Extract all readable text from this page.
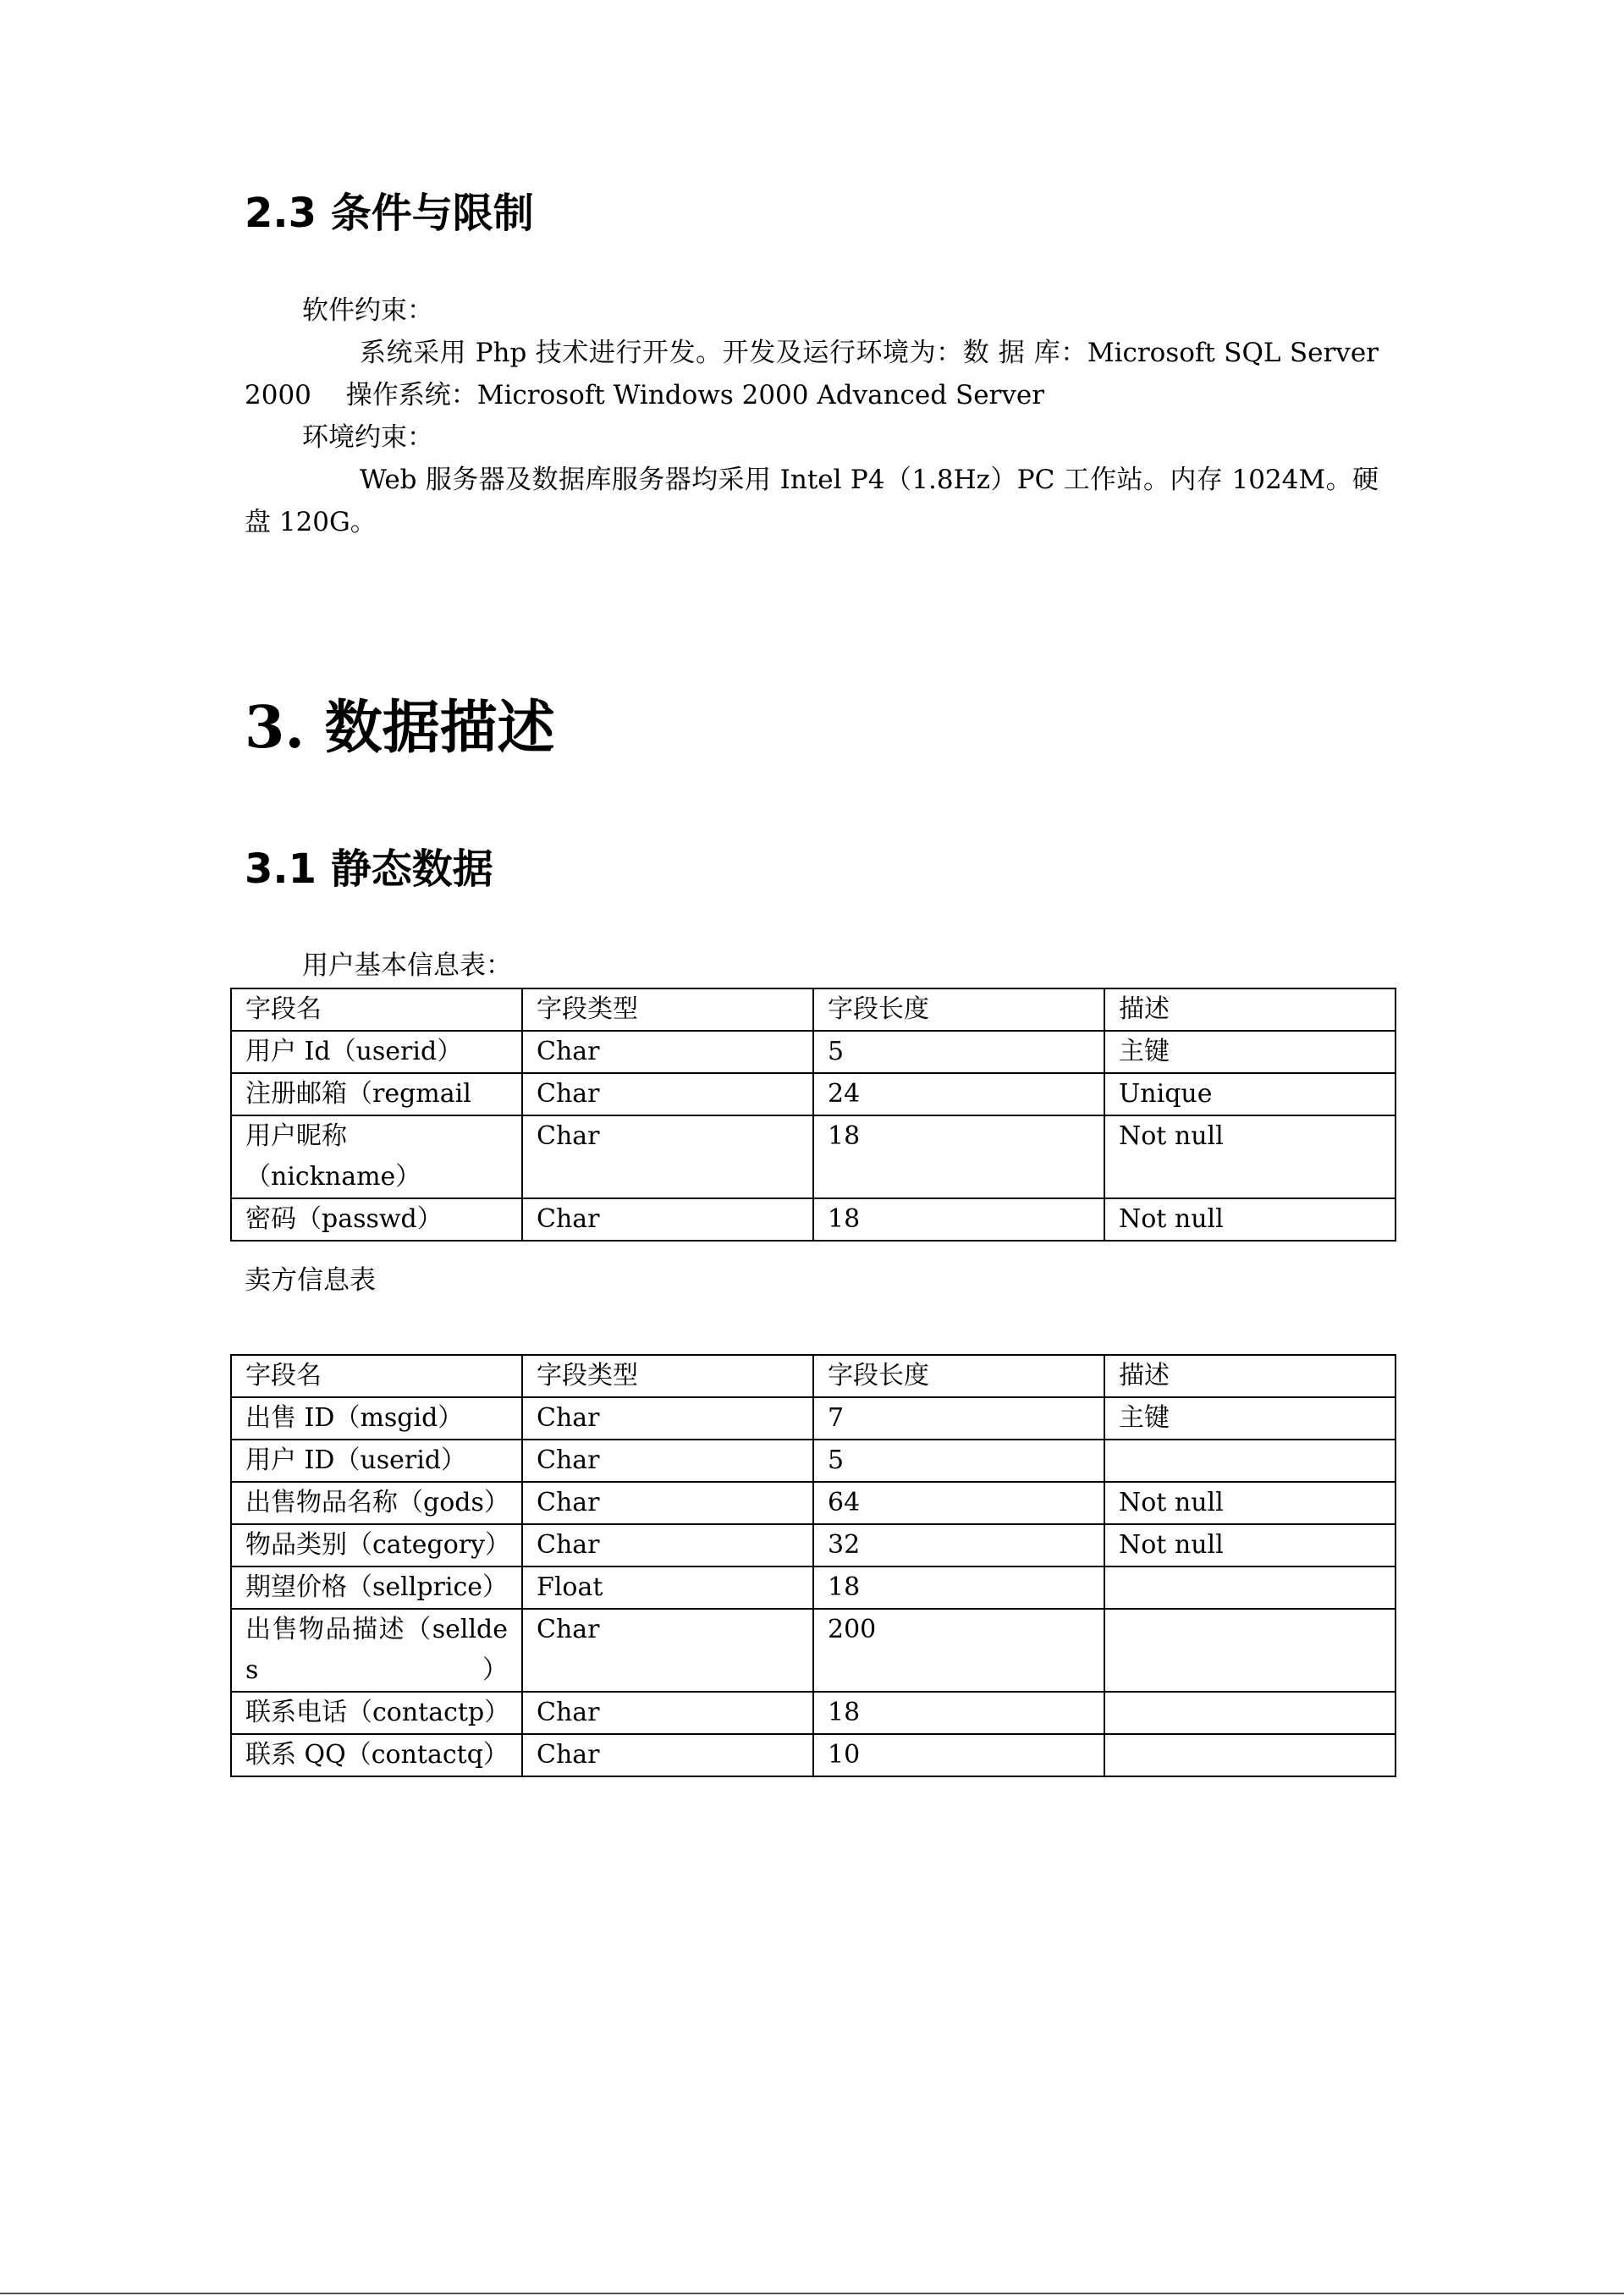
2.3 条件与限制

软件约束：

系统采用 Php 技术进行开发。开发及运行环境为：数 据 库：Microsoft SQL Server 2000　 操作系统：Microsoft Windows 2000 Advanced Server

环境约束：

Web 服务器及数据库服务器均采用 Intel P4（1.8Hz）PC 工作站。内存 1024M。硬盘 120G。

3. 数据描述
3.1 静态数据

用户基本信息表：

字段名	字段类型	字段长度	描述
用户 Id（userid）	Char	5	主键
注册邮箱（regmail	Char	24	Unique
用户昵称（nickname）	Char	18	Not null
密码（passwd）	Char	18	Not null

卖方信息表

字段名	字段类型	字段长度	描述
出售 ID（msgid）	Char	7	主键
用户 ID（userid）	Char	5	
出售物品名称（gods）	Char	64	Not null
物品类别（category）	Char	32	Not null
期望价格（sellprice）	Float	18	
出售物品描述（selldes）	Char	200	
联系电话（contactp）	Char	18	
联系 QQ（contactq）	Char	10	
